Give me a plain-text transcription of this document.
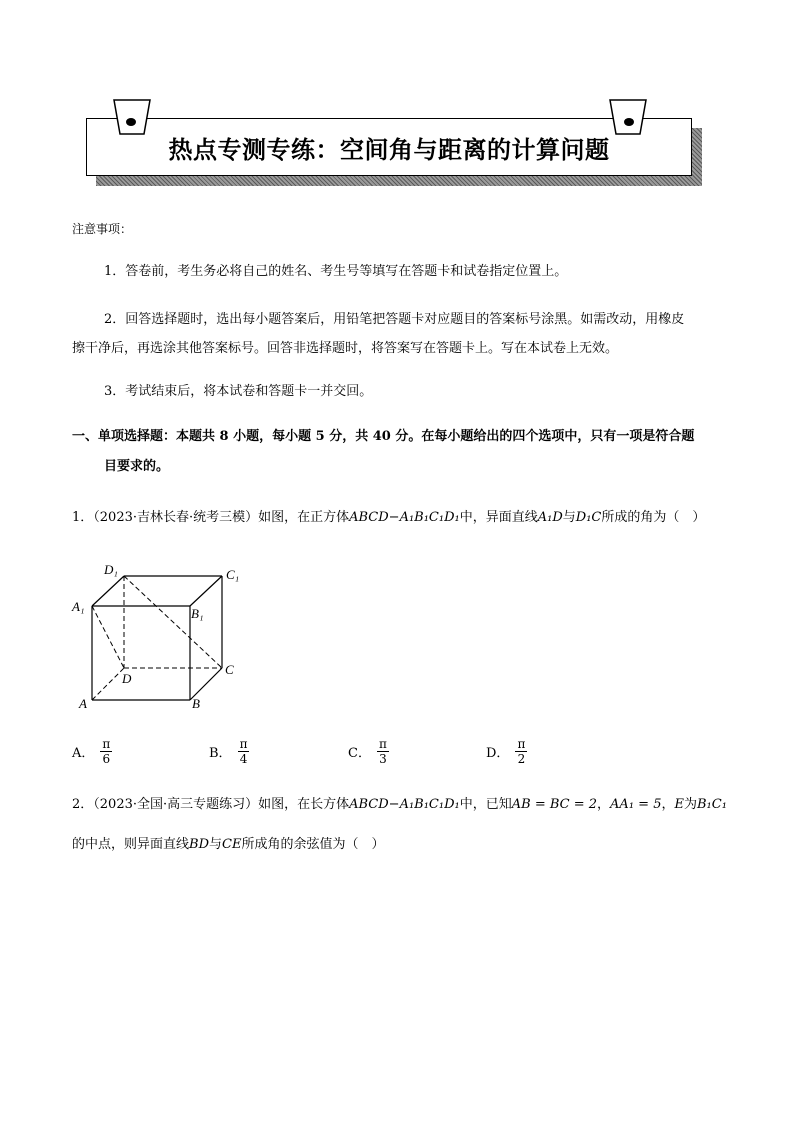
热点专测专练：空间角与距离的计算问题
注意事项：
1．答卷前，考生务必将自己的姓名、考生号等填写在答题卡和试卷指定位置上。
2．回答选择题时，选出每小题答案后，用铅笔把答题卡对应题目的答案标号涂黑。如需改动，用橡皮
擦干净后，再选涂其他答案标号。回答非选择题时，将答案写在答题卡上。写在本试卷上无效。
3．考试结束后，将本试卷和答题卡一并交回。
一、单项选择题：本题共 8 小题，每小题 5 分，共 40 分。在每小题给出的四个选项中，只有一项是符合题
目要求的。
1．（2023·吉林长春·统考三模）如图，在正方体ABCD−A₁B₁C₁D₁中，异面直线A₁D与D₁C所成的角为（　）
D₁	C₁
A₁	B₁
D
C
A	B
A． $\frac{\pi}{6}$	B． $\frac{\pi}{4}$	C． $\frac{\pi}{3}$	D． $\frac{\pi}{2}$
2．（2023·全国·高三专题练习）如图，在长方体ABCD−A₁B₁C₁D₁中，已知AB = BC = 2，AA₁ = 5，E为B₁C₁
的中点，则异面直线BD与CE所成角的余弦值为（　）
